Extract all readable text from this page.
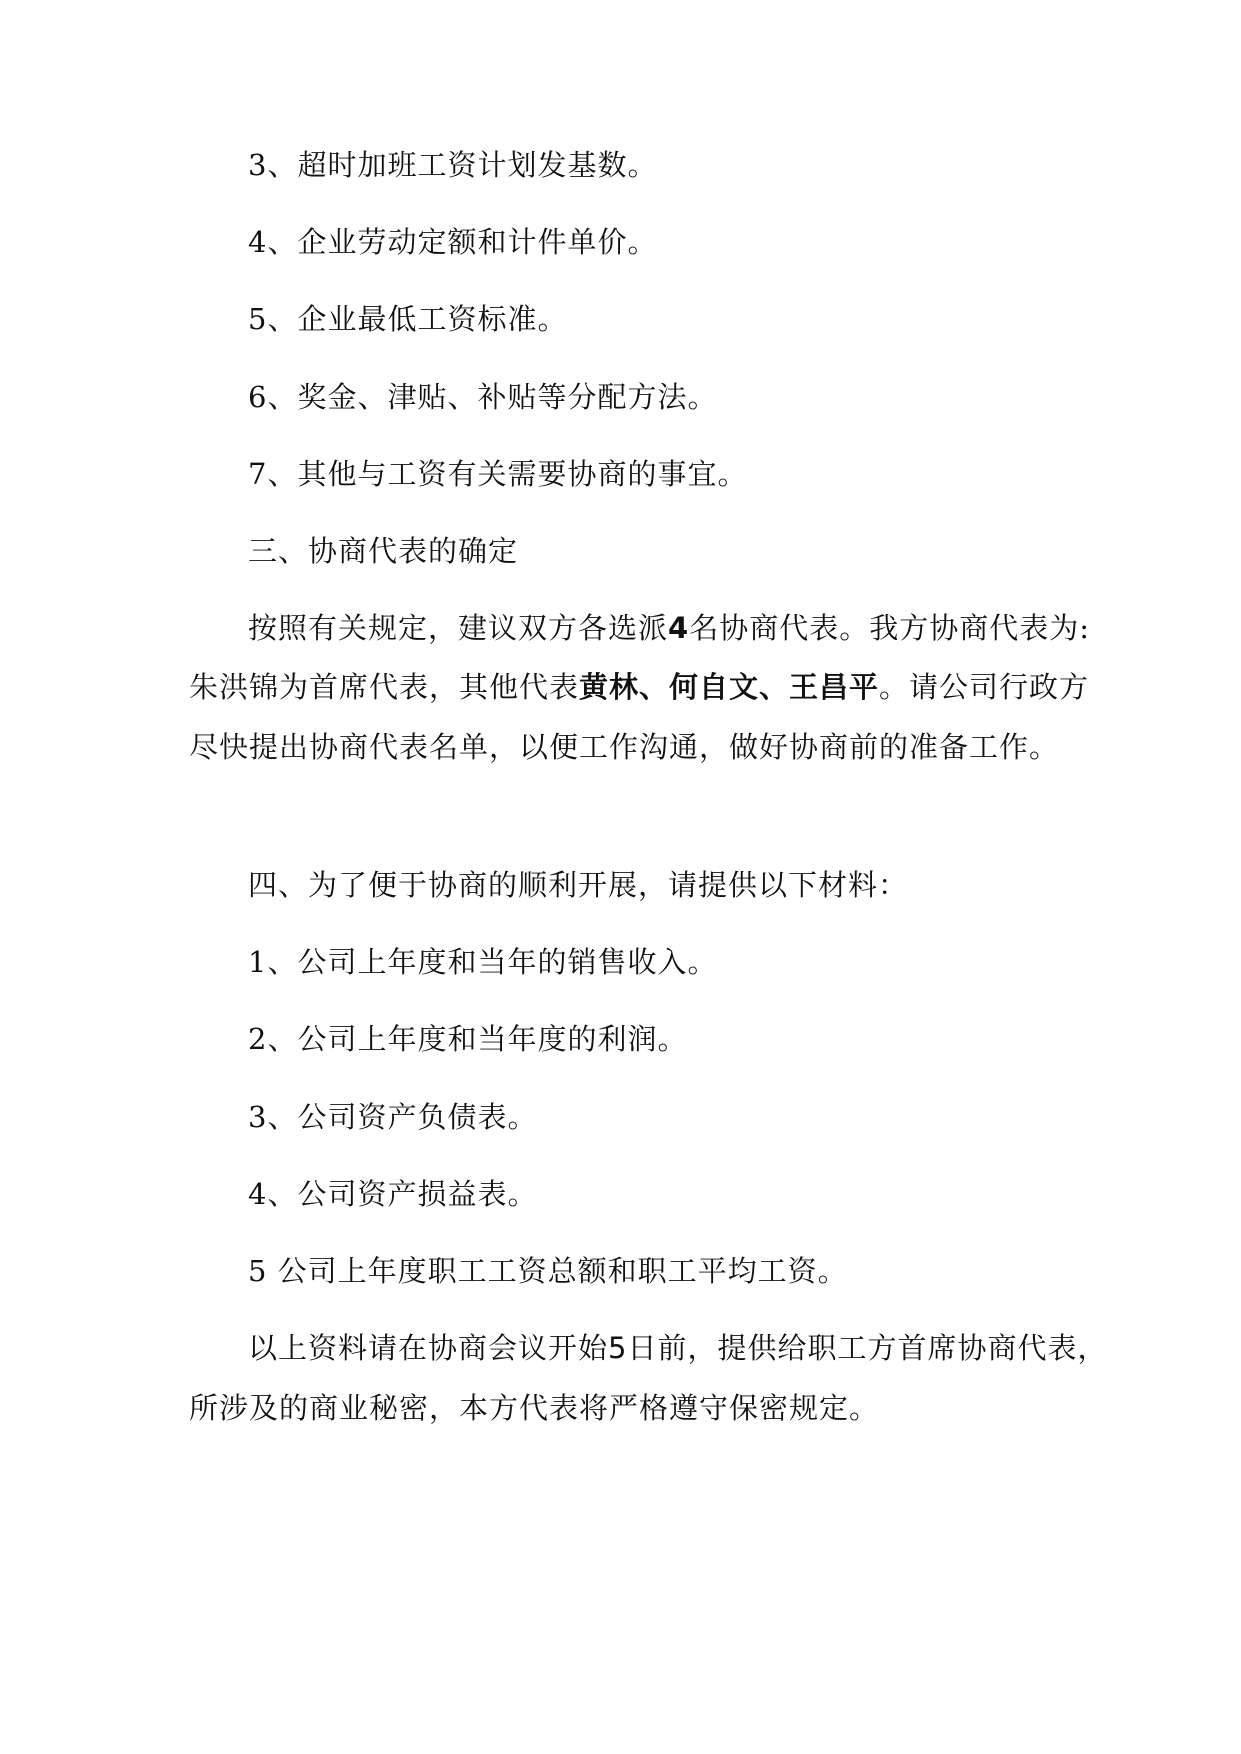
3、超时加班工资计划发基数。
4、企业劳动定额和计件单价。
5、企业最低工资标准。
6、奖金、津贴、补贴等分配方法。
7、其他与工资有关需要协商的事宜。
三、协商代表的确定
按照有关规定，建议双方各选派4名协商代表。我方协商代表为:
朱洪锦为首席代表，其他代表黄林、何自文、王昌平。请公司行政方
尽快提出协商代表名单，以便工作沟通，做好协商前的准备工作。
四、为了便于协商的顺利开展，请提供以下材料：
1、公司上年度和当年的销售收入。
2、公司上年度和当年度的利润。
3、公司资产负债表。
4、公司资产损益表。
5 公司上年度职工工资总额和职工平均工资。
以上资料请在协商会议开始5日前，提供给职工方首席协商代表，
所涉及的商业秘密，本方代表将严格遵守保密规定。
